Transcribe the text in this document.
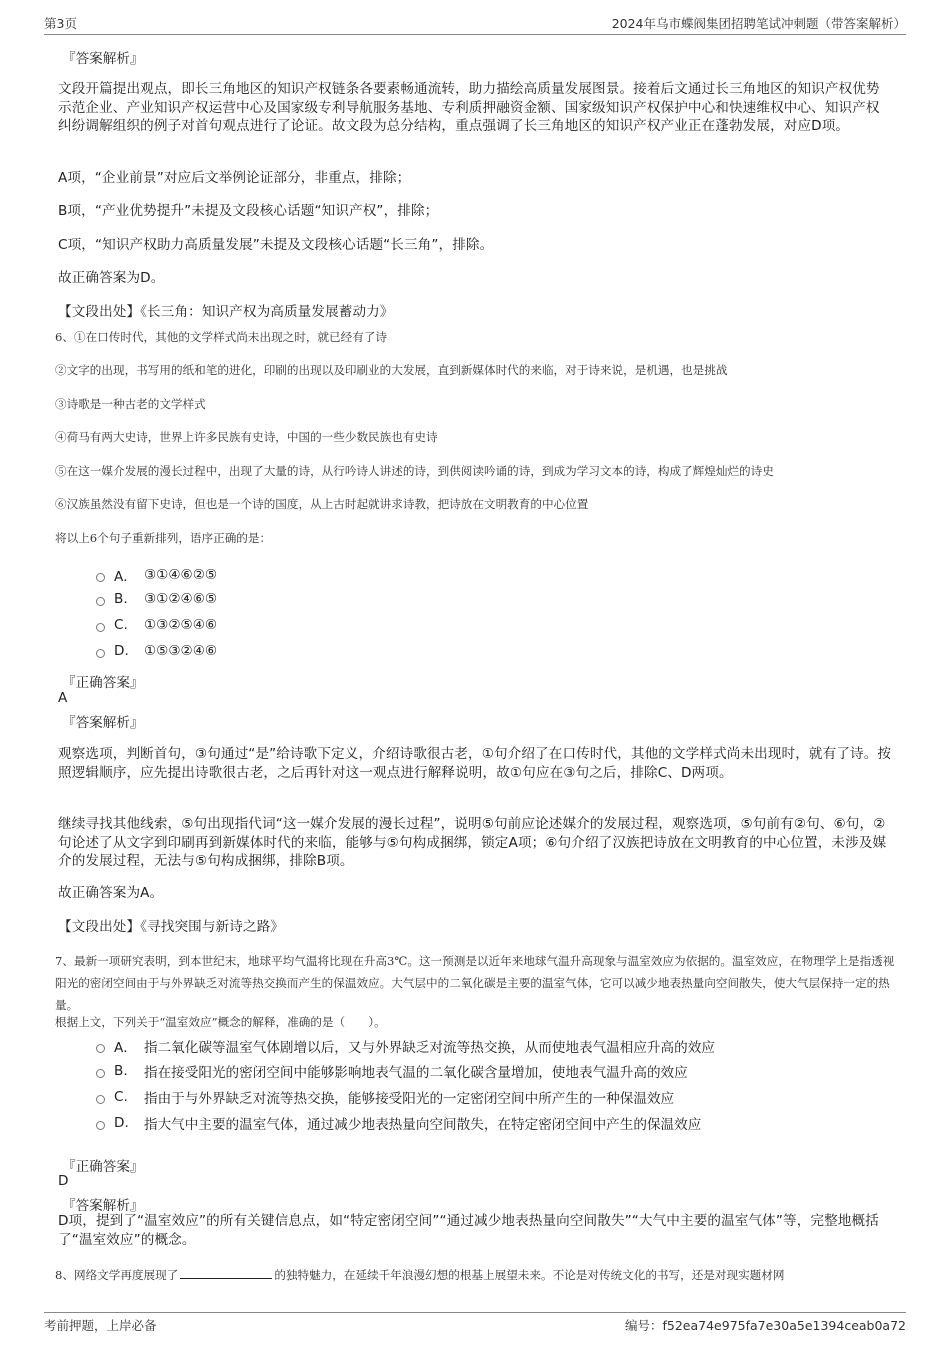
第3页	2024年乌市蝶阀集团招聘笔试冲刺题（带答案解析）
『答案解析』

文段开篇提出观点，即长三角地区的知识产权链条各要素畅通流转，助力描绘高质量发展图景。接着后文通过长三角地区的知识产权优势示范企业、产业知识产权运营中心及国家级专利导航服务基地、专利质押融资金额、国家级知识产权保护中心和快速维权中心、知识产权纠纷调解组织的例子对首句观点进行了论证。故文段为总分结构，重点强调了长三角地区的知识产权产业正在蓬勃发展，对应D项。

A项，“企业前景”对应后文举例论证部分，非重点，排除；

B项，“产业优势提升”未提及文段核心话题“知识产权”，排除；

C项，“知识产权助力高质量发展”未提及文段核心话题“长三角”，排除。

故正确答案为D。

【文段出处】《长三角：知识产权为高质量发展蓄动力》

6、①在口传时代，其他的文学样式尚未出现之时，就已经有了诗

②文字的出现，书写用的纸和笔的进化，印刷的出现以及印刷业的大发展，直到新媒体时代的来临，对于诗来说，是机遇，也是挑战

③诗歌是一种古老的文学样式

④荷马有两大史诗，世界上许多民族有史诗，中国的一些少数民族也有史诗

⑤在这一媒介发展的漫长过程中，出现了大量的诗，从行吟诗人讲述的诗，到供阅读吟诵的诗，到成为学习文本的诗，构成了辉煌灿烂的诗史

⑥汉族虽然没有留下史诗，但也是一个诗的国度，从上古时起就讲求诗教，把诗放在文明教育的中心位置

将以上6个句子重新排列，语序正确的是：

A． ③①④⑥②⑤
B.	③①②④⑥⑤
C.	①③②⑤④⑥
D.	①⑤③②④⑥
『正确答案』
A
『答案解析』

观察选项，判断首句，③句通过“是”给诗歌下定义，介绍诗歌很古老，①句介绍了在口传时代，其他的文学样式尚未出现时，就有了诗。按照逻辑顺序，应先提出诗歌很古老，之后再针对这一观点进行解释说明，故①句应在③句之后，排除C、D两项。

继续寻找其他线索，⑤句出现指代词“这一媒介发展的漫长过程”，说明⑤句前应论述媒介的发展过程，观察选项，⑤句前有②句、⑥句，②句论述了从文字到印刷再到新媒体时代的来临，能够与⑤句构成捆绑，锁定A项；⑥句介绍了汉族把诗放在文明教育的中心位置，未涉及媒介的发展过程，无法与⑤句构成捆绑，排除B项。

故正确答案为A。

【文段出处】《寻找突围与新诗之路》

7、最新一项研究表明，到本世纪末，地球平均气温将比现在升高3℃。这一预测是以近年来地球气温升高现象与温室效应为依据的。温室效应，在物理学上是指透视阳光的密闭空间由于与外界缺乏对流等热交换而产生的保温效应。大气层中的二氧化碳是主要的温室气体，它可以减少地表热量向空间散失，使大气层保持一定的热量。

根据上文，下列关于“温室效应”概念的解释，准确的是（　　）。

A． 指二氧化碳等温室气体剧增以后，又与外界缺乏对流等热交换，从而使地表气温相应升高的效应
B.	指在接受阳光的密闭空间中能够影响地表气温的二氧化碳含量增加，使地表气温升高的效应
C.	指由于与外界缺乏对流等热交换，能够接受阳光的一定密闭空间中所产生的一种保温效应
D.	指大气中主要的温室气体，通过减少地表热量向空间散失，在特定密闭空间中产生的保温效应
『正确答案』
D
『答案解析』

D项，提到了“温室效应”的所有关键信息点，如“特定密闭空间”“通过减少地表热量向空间散失”“大气中主要的温室气体”等，完整地概括了“温室效应”的概念。

8、网络文学再度展现了	的独特魅力，在延续千年浪漫幻想的根基上展望未来。不论是对传统文化的书写，还是对现实题材网

考前押题，上岸必备	编号：f52ea74e975fa7e30a5e1394ceab0a72
